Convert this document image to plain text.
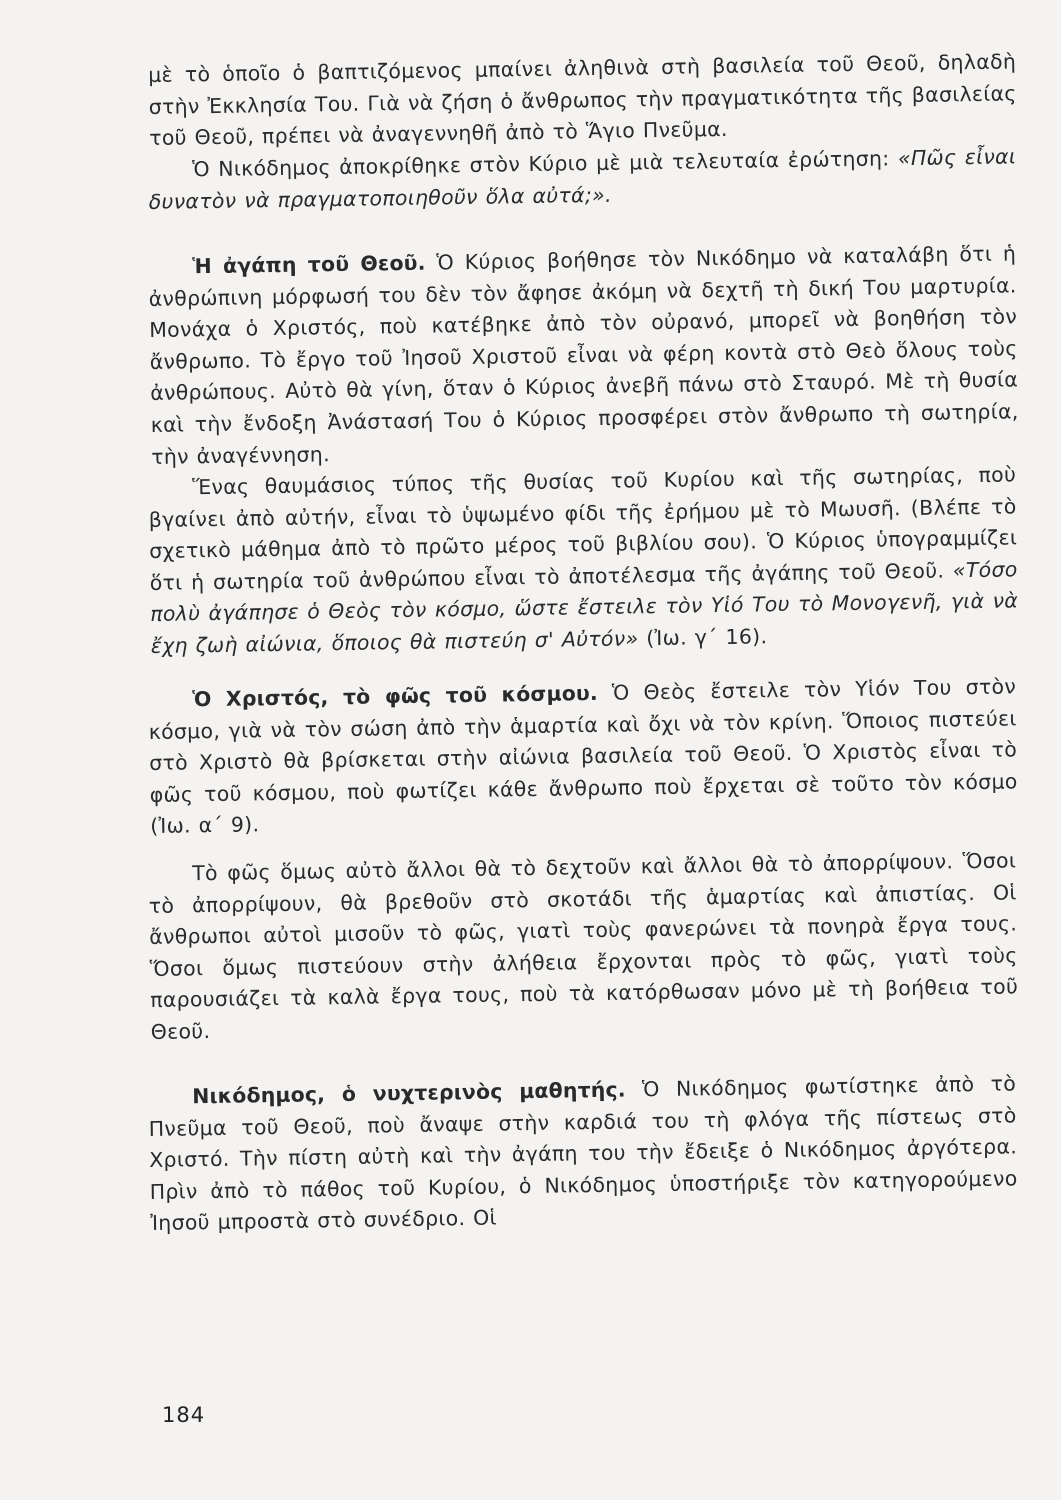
μὲ τὸ ὁποῖο ὁ βαπτιζόμενος μπαίνει ἀληθινὰ στὴ βασιλεία τοῦ Θεοῦ, δηλαδὴ στὴν Ἐκκλησία Του. Γιὰ νὰ ζήση ὁ ἄνθρωπος τὴν πραγματικότητα τῆς βασιλείας τοῦ Θεοῦ, πρέπει νὰ ἀναγεννηθῆ ἀπὸ τὸ Ἅγιο Πνεῦμα.

Ὁ Νικόδημος ἀποκρίθηκε στὸν Κύριο μὲ μιὰ τελευταία ἐρώτηση: «Πῶς εἶναι δυνατὸν νὰ πραγματοποιηθοῦν ὅλα αὐτά;».

Ἡ ἀγάπη τοῦ Θεοῦ. Ὁ Κύριος βοήθησε τὸν Νικόδημο νὰ καταλάβη ὅτι ἡ ἀνθρώπινη μόρφωσή του δὲν τὸν ἄφησε ἀκόμη νὰ δεχτῆ τὴ δική Του μαρτυρία. Μονάχα ὁ Χριστός, ποὺ κατέβηκε ἀπὸ τὸν οὐρανό, μπορεῖ νὰ βοηθήση τὸν ἄνθρωπο. Τὸ ἔργο τοῦ Ἰησοῦ Χριστοῦ εἶναι νὰ φέρη κοντὰ στὸ Θεὸ ὅλους τοὺς ἀνθρώπους. Αὐτὸ θὰ γίνη, ὅταν ὁ Κύριος ἀνεβῆ πάνω στὸ Σταυρό. Μὲ τὴ θυσία καὶ τὴν ἔνδοξη Ἀνάστασή Του ὁ Κύριος προσφέρει στὸν ἄνθρωπο τὴ σωτηρία, τὴν ἀναγέννηση.

Ἕνας θαυμάσιος τύπος τῆς θυσίας τοῦ Κυρίου καὶ τῆς σωτηρίας, ποὺ βγαίνει ἀπὸ αὐτήν, εἶναι τὸ ὑψωμένο φίδι τῆς ἐρήμου μὲ τὸ Μωυσῆ. (Βλέπε τὸ σχετικὸ μάθημα ἀπὸ τὸ πρῶτο μέρος τοῦ βιβλίου σου). Ὁ Κύριος ὑπογραμμίζει ὅτι ἡ σωτηρία τοῦ ἀνθρώπου εἶναι τὸ ἀποτέλεσμα τῆς ἀγάπης τοῦ Θεοῦ. «Τόσο πολὺ ἀγάπησε ὁ Θεὸς τὸν κόσμο, ὥστε ἔστειλε τὸν Υἱό Του τὸ Μονογενῆ, γιὰ νὰ ἔχη ζωὴ αἰώνια, ὅποιος θὰ πιστεύη σ' Αὐτόν» (Ἰω. γ΄ 16).

Ὁ Χριστός, τὸ φῶς τοῦ κόσμου. Ὁ Θεὸς ἔστειλε τὸν Υἱόν Του στὸν κόσμο, γιὰ νὰ τὸν σώση ἀπὸ τὴν ἁμαρτία καὶ ὄχι νὰ τὸν κρίνη. Ὅποιος πιστεύει στὸ Χριστὸ θὰ βρίσκεται στὴν αἰώνια βασιλεία τοῦ Θεοῦ. Ὁ Χριστὸς εἶναι τὸ φῶς τοῦ κόσμου, ποὺ φωτίζει κάθε ἄνθρωπο ποὺ ἔρχεται σὲ τοῦτο τὸν κόσμο (Ἰω. α΄ 9).

Τὸ φῶς ὅμως αὐτὸ ἄλλοι θὰ τὸ δεχτοῦν καὶ ἄλλοι θὰ τὸ ἀπορρίψουν. Ὅσοι τὸ ἀπορρίψουν, θὰ βρεθοῦν στὸ σκοτάδι τῆς ἁμαρτίας καὶ ἀπιστίας. Οἱ ἄνθρωποι αὐτοὶ μισοῦν τὸ φῶς, γιατὶ τοὺς φανερώνει τὰ πονηρὰ ἔργα τους. Ὅσοι ὅμως πιστεύουν στὴν ἀλήθεια ἔρχονται πρὸς τὸ φῶς, γιατὶ τοὺς παρουσιάζει τὰ καλὰ ἔργα τους, ποὺ τὰ κατόρθωσαν μόνο μὲ τὴ βοήθεια τοῦ Θεοῦ.

Νικόδημος, ὁ νυχτερινὸς μαθητής. Ὁ Νικόδημος φωτίστηκε ἀπὸ τὸ Πνεῦμα τοῦ Θεοῦ, ποὺ ἄναψε στὴν καρδιά του τὴ φλόγα τῆς πίστεως στὸ Χριστό. Τὴν πίστη αὐτὴ καὶ τὴν ἀγάπη του τὴν ἔδειξε ὁ Νικόδημος ἀργότερα. Πρὶν ἀπὸ τὸ πάθος τοῦ Κυρίου, ὁ Νικόδημος ὑποστήριξε τὸν κατηγορούμενο Ἰησοῦ μπροστὰ στὸ συνέδριο. Οἱ

184
